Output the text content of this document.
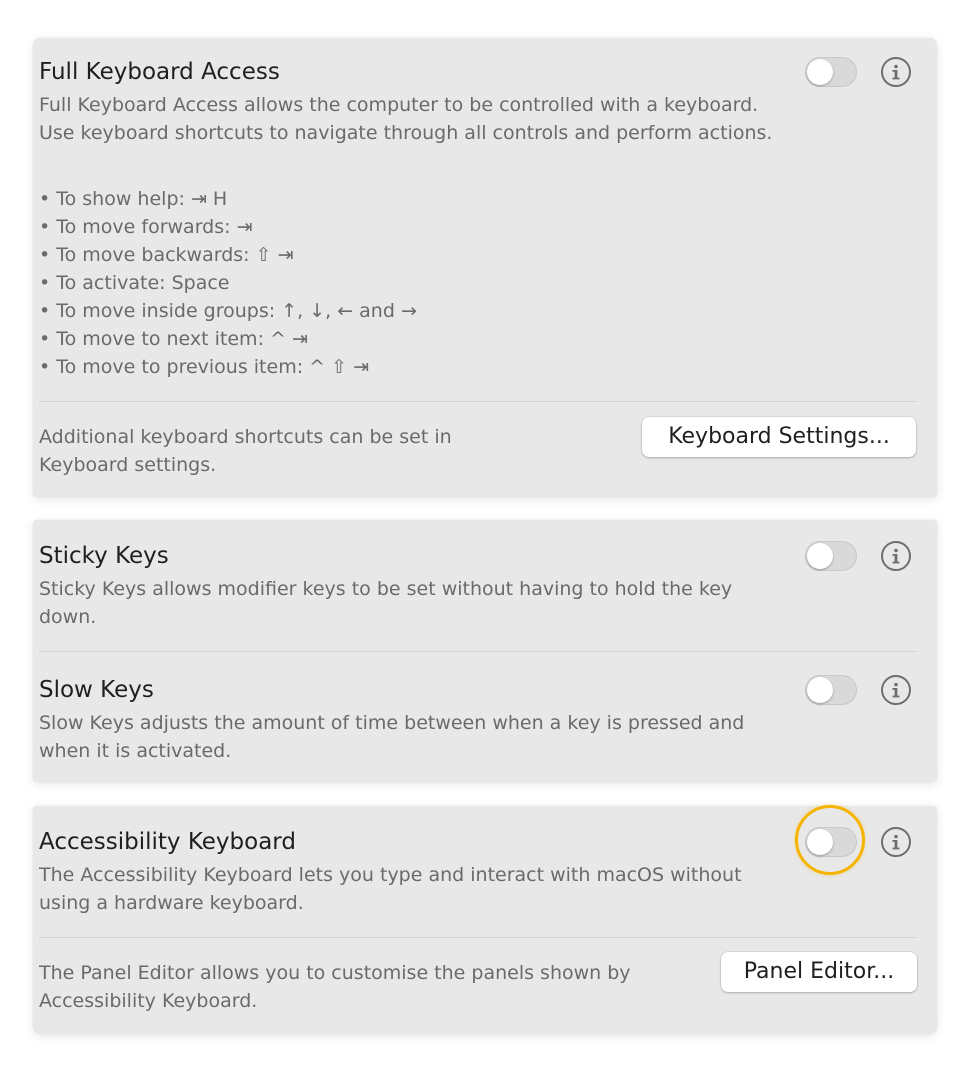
Full Keyboard Access
Full Keyboard Access allows the computer to be controlled with a keyboard. Use keyboard shortcuts to navigate through all controls and perform actions.
• To show help: ⇥ H
• To move forwards: ⇥
• To move backwards: ⇧ ⇥
• To activate: Space
• To move inside groups: ↑, ↓, ← and →
• To move to next item: ^ ⇥
• To move to previous item: ^ ⇧ ⇥
Additional keyboard shortcuts can be set in Keyboard settings.
Keyboard Settings...
Sticky Keys
Sticky Keys allows modifier keys to be set without having to hold the key down.
Slow Keys
Slow Keys adjusts the amount of time between when a key is pressed and when it is activated.
Accessibility Keyboard
The Accessibility Keyboard lets you type and interact with macOS without using a hardware keyboard.
The Panel Editor allows you to customise the panels shown by Accessibility Keyboard.
Panel Editor...
